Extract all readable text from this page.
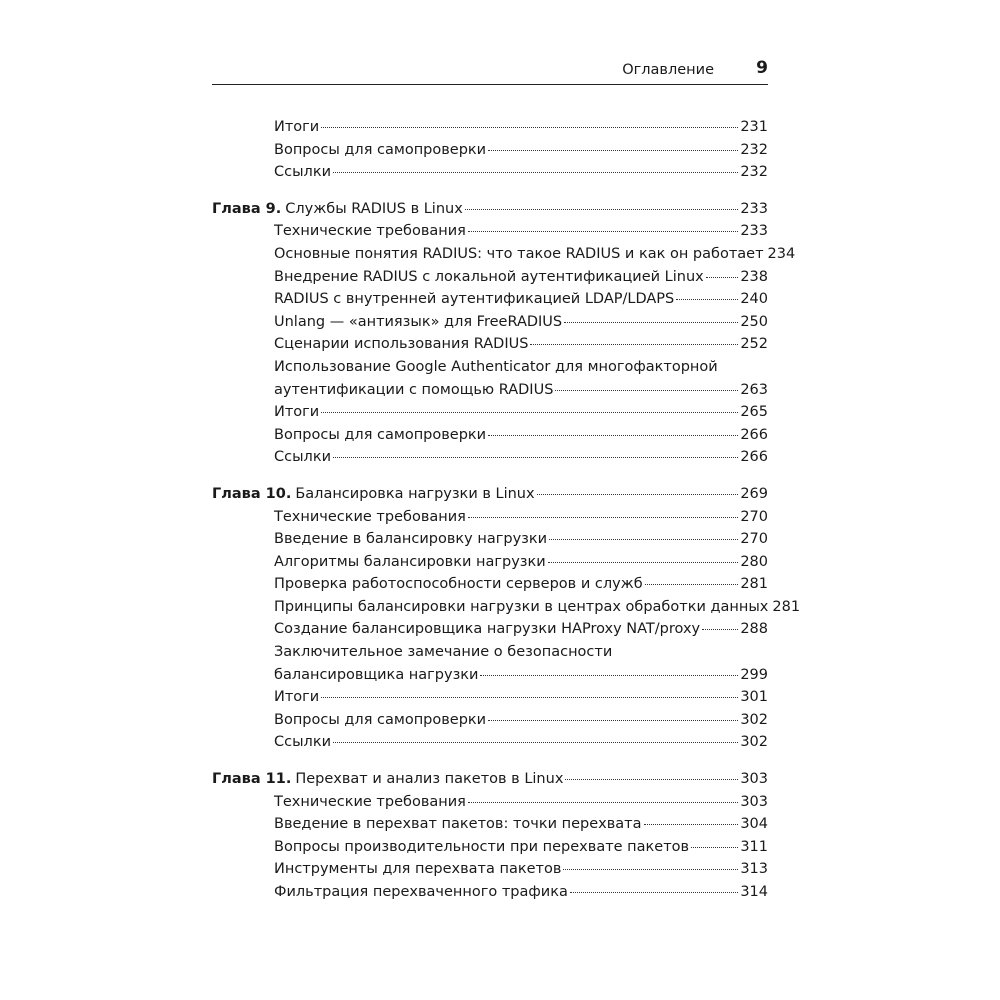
Оглавление 9
Итоги	231
Вопросы для самопроверки	232
Ссылки	232
Глава 9. Службы RADIUS в Linux	233
Технические требования	233
Основные понятия RADIUS: что такое RADIUS и как он работает 234
Внедрение RADIUS с локальной аутентификацией Linux	238
RADIUS с внутренней аутентификацией LDAP/LDAPS	240
Unlang — «антиязык» для FreeRADIUS	250
Сценарии использования RADIUS	252
Использование Google Authenticator для многофакторной
аутентификации с помощью RADIUS	263
Итоги	265
Вопросы для самопроверки	266
Ссылки	266
Глава 10. Балансировка нагрузки в Linux	269
Технические требования	270
Введение в балансировку нагрузки	270
Алгоритмы балансировки нагрузки	280
Проверка работоспособности серверов и служб	281
Принципы балансировки нагрузки в центрах обработки данных 281
Создание балансировщика нагрузки HAProxy NAT/proxy	288
Заключительное замечание о безопасности
балансировщика нагрузки	299
Итоги	301
Вопросы для самопроверки	302
Ссылки	302
Глава 11. Перехват и анализ пакетов в Linux	303
Технические требования	303
Введение в перехват пакетов: точки перехвата	304
Вопросы производительности при перехвате пакетов	311
Инструменты для перехвата пакетов	313
Фильтрация перехваченного трафика	314
